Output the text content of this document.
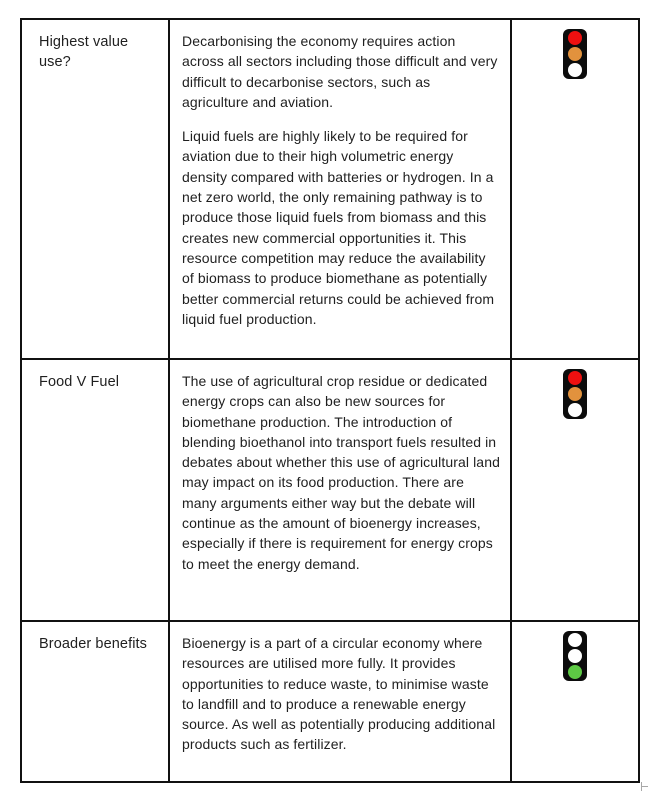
Highest value use?

Decarbonising the economy requires action across all sectors including those difficult and very difficult to decarbonise sectors, such as agriculture and aviation.

Liquid fuels are highly likely to be required for aviation due to their high volumetric energy density compared with batteries or hydrogen. In a net zero world, the only remaining pathway is to produce those liquid fuels from biomass and this creates new commercial opportunities it. This resource competition may reduce the availability of biomass to produce biomethane as potentially better commercial returns could be achieved from liquid fuel production.

Food V Fuel	The use of agricultural crop residue or dedicated energy crops can also be new sources for biomethane production. The introduction of blending bioethanol into transport fuels resulted in debates about whether this use of agricultural land may impact on its food production. There are many arguments either way but the debate will continue as the amount of bioenergy increases, especially if there is requirement for energy crops to meet the energy demand.

Broader benefits	Bioenergy is a part of a circular economy where resources are utilised more fully. It provides opportunities to reduce waste, to minimise waste to landfill and to produce a renewable energy source. As well as potentially producing additional products such as fertilizer.
